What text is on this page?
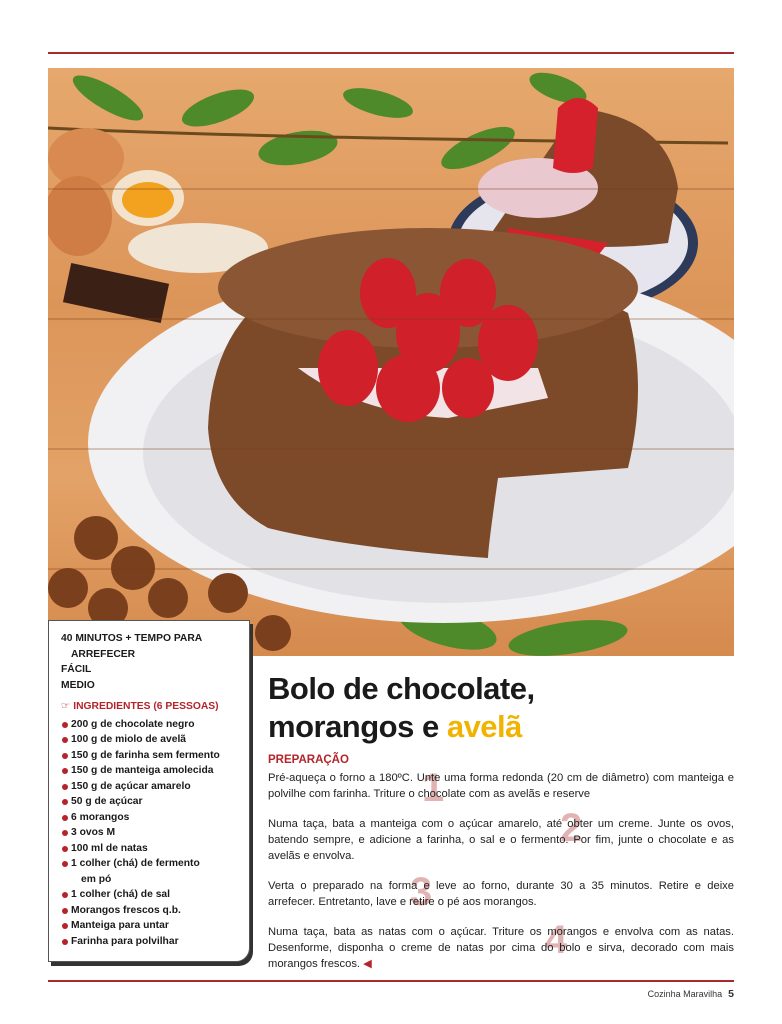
40 MINUTOS + TEMPO PARA
ARREFECER
FÁCIL
MEDIO
☞ INGREDIENTES (6 PESSOAS)
200 g de chocolate negro
100 g de miolo de avelã
150 g de farinha sem fermento
150 g de manteiga amolecida
150 g de açúcar amarelo
50 g de açúcar
6 morangos
3 ovos M
100 ml de natas
1 colher (chá) de fermento
em pó
1 colher (chá) de sal
Morangos frescos q.b.
Manteiga para untar
Farinha para polvilhar
Bolo de chocolate,
morangos e avelã
PREPARAÇÃO
1
2
3
4

Pré-aqueça o forno a 180ºC. Unte uma forma redonda (20 cm de diâmetro) com manteiga e polvilhe com farinha. Triture o chocolate com as avelãs e reserve

Numa taça, bata a manteiga com o açúcar amarelo, até obter um creme. Junte os ovos, batendo sempre, e adicione a farinha, o sal e o fermento. Por fim, junte o chocolate e as avelãs e envolva.

Verta o preparado na forma e leve ao forno, durante 30 a 35 minutos. Retire e deixe arrefecer. Entretanto, lave e retire o pé aos morangos.

Numa taça, bata as natas com o açúcar. Triture os morangos e envolva com as natas. Desenforme, disponha o creme de natas por cima do bolo e sirva, decorado com mais morangos frescos. ◀

Cozinha Maravilha 5
